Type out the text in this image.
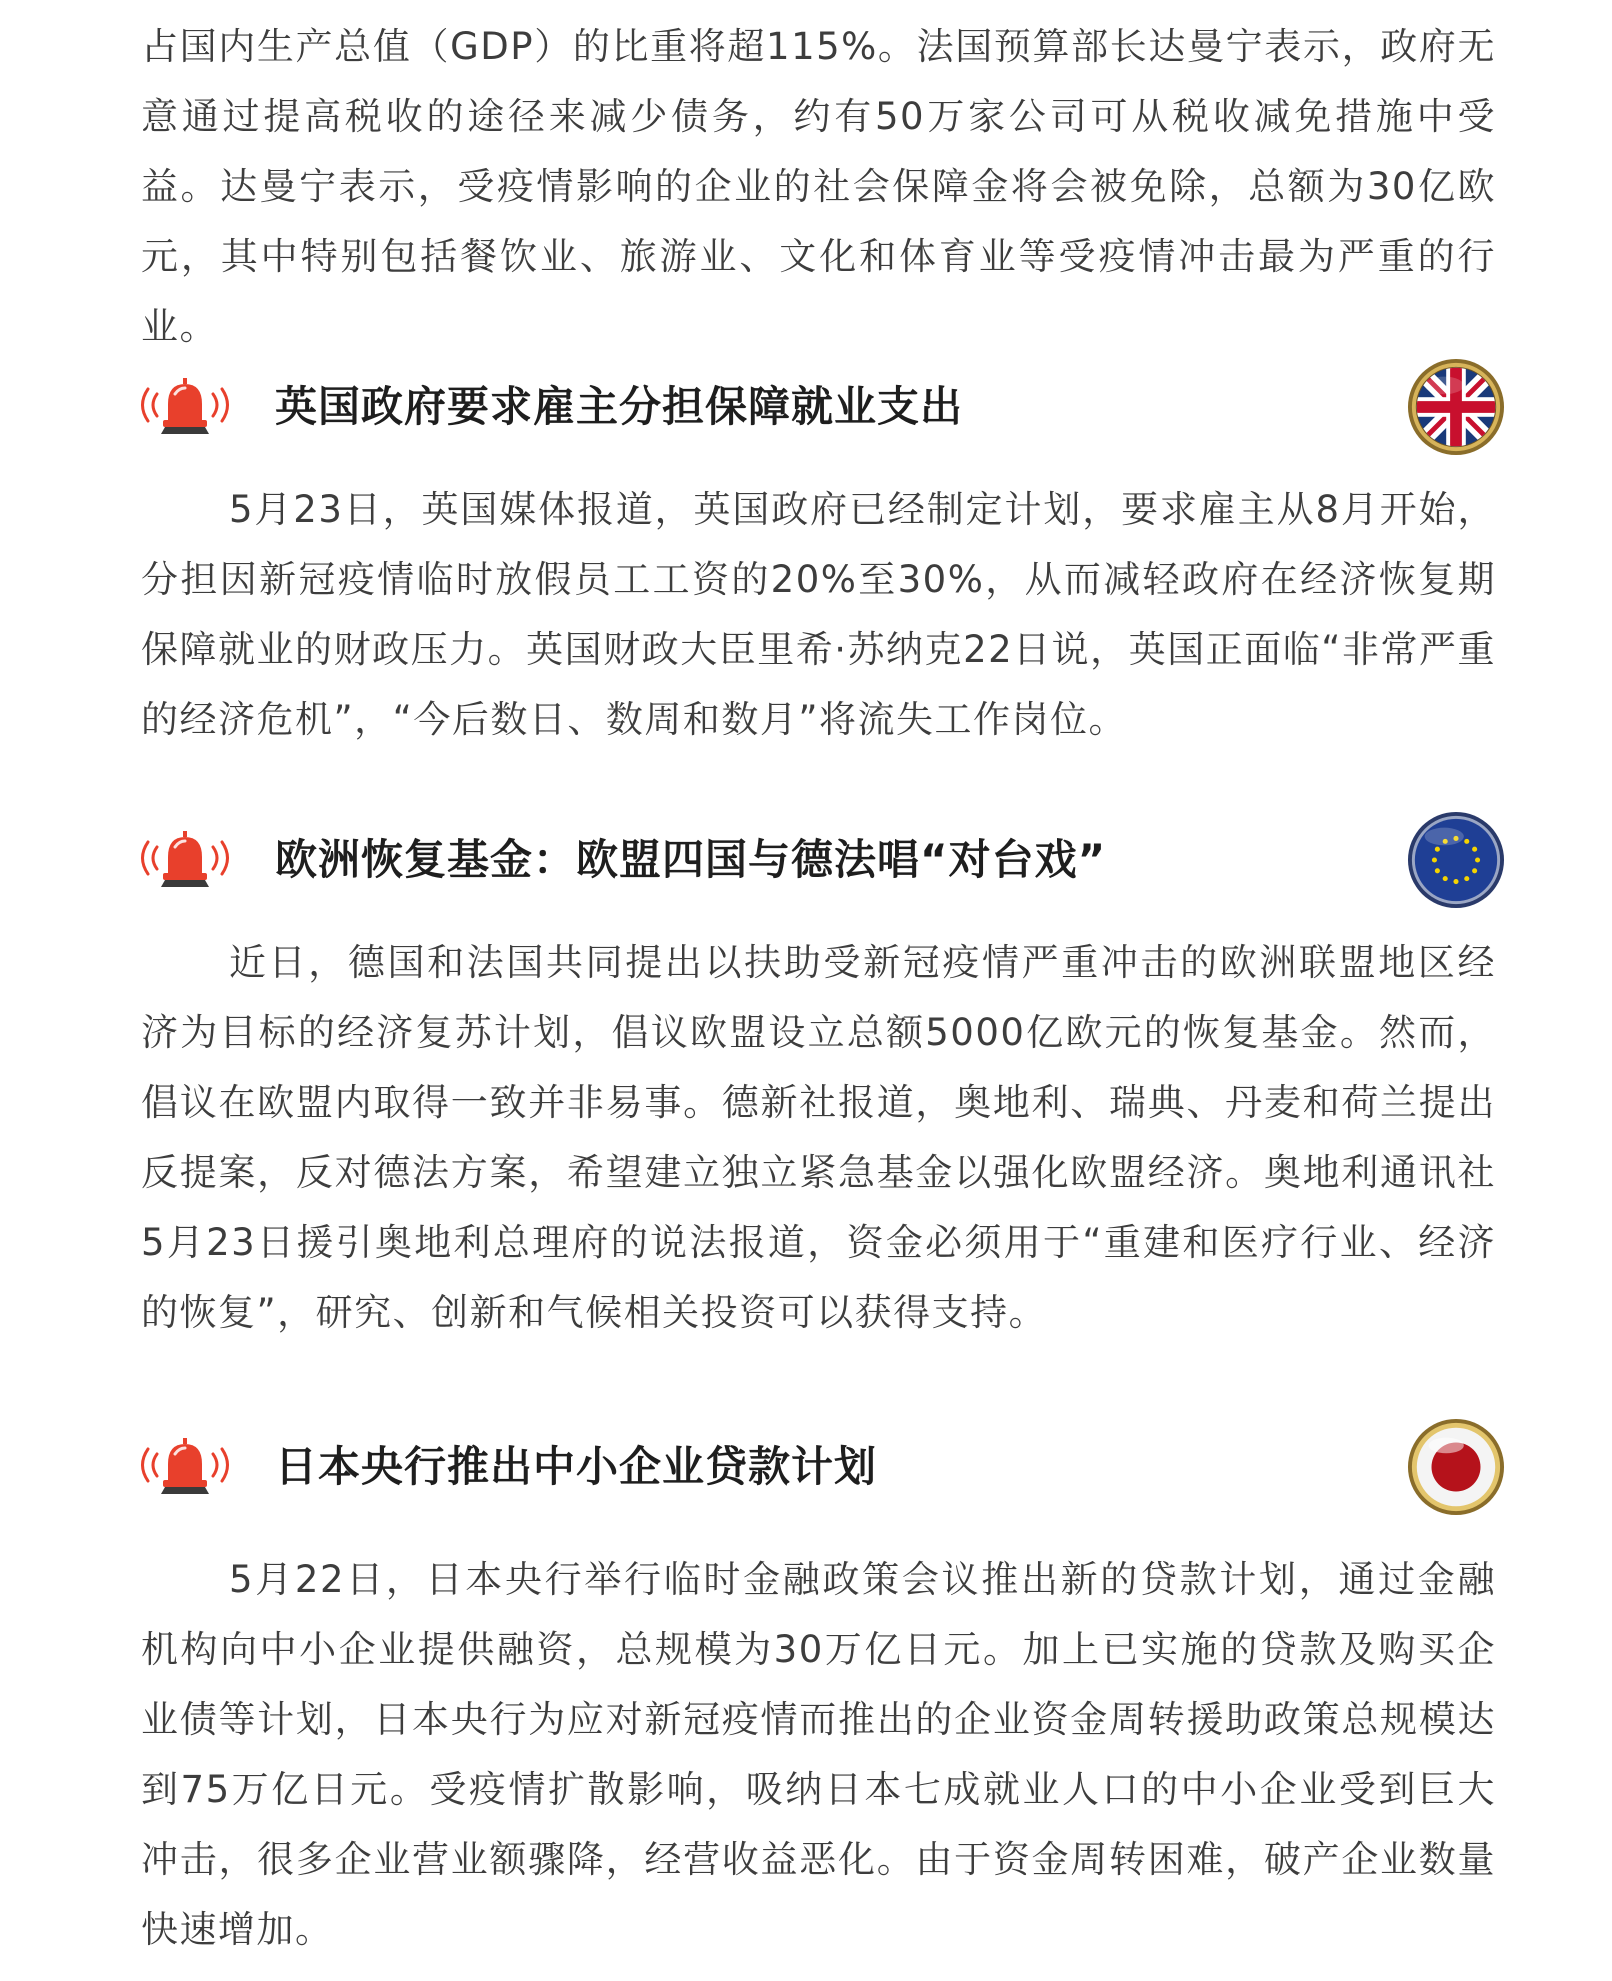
占国内生产总值（GDP）的比重将超115%。法国预算部长达曼宁表示，政府无意通过提高税收的途径来减少债务，约有50万家公司可从税收减免措施中受益。达曼宁表示，受疫情影响的企业的社会保障金将会被免除，总额为30亿欧元，其中特别包括餐饮业、旅游业、文化和体育业等受疫情冲击最为严重的行业。

英国政府要求雇主分担保障就业支出

5月23日，英国媒体报道，英国政府已经制定计划，要求雇主从8月开始，分担因新冠疫情临时放假员工工资的20%至30%，从而减轻政府在经济恢复期保障就业的财政压力。英国财政大臣里希·苏纳克22日说，英国正面临“非常严重的经济危机”，“今后数日、数周和数月”将流失工作岗位。

欧洲恢复基金：欧盟四国与德法唱“对台戏”

近日，德国和法国共同提出以扶助受新冠疫情严重冲击的欧洲联盟地区经济为目标的经济复苏计划，倡议欧盟设立总额5000亿欧元的恢复基金。然而，倡议在欧盟内取得一致并非易事。德新社报道，奥地利、瑞典、丹麦和荷兰提出反提案，反对德法方案，希望建立独立紧急基金以强化欧盟经济。奥地利通讯社5月23日援引奥地利总理府的说法报道，资金必须用于“重建和医疗行业、经济的恢复”，研究、创新和气候相关投资可以获得支持。

日本央行推出中小企业贷款计划

5月22日，日本央行举行临时金融政策会议推出新的贷款计划，通过金融机构向中小企业提供融资，总规模为30万亿日元。加上已实施的贷款及购买企业债等计划，日本央行为应对新冠疫情而推出的企业资金周转援助政策总规模达到75万亿日元。受疫情扩散影响，吸纳日本七成就业人口的中小企业受到巨大冲击，很多企业营业额骤降，经营收益恶化。由于资金周转困难，破产企业数量快速增加。
